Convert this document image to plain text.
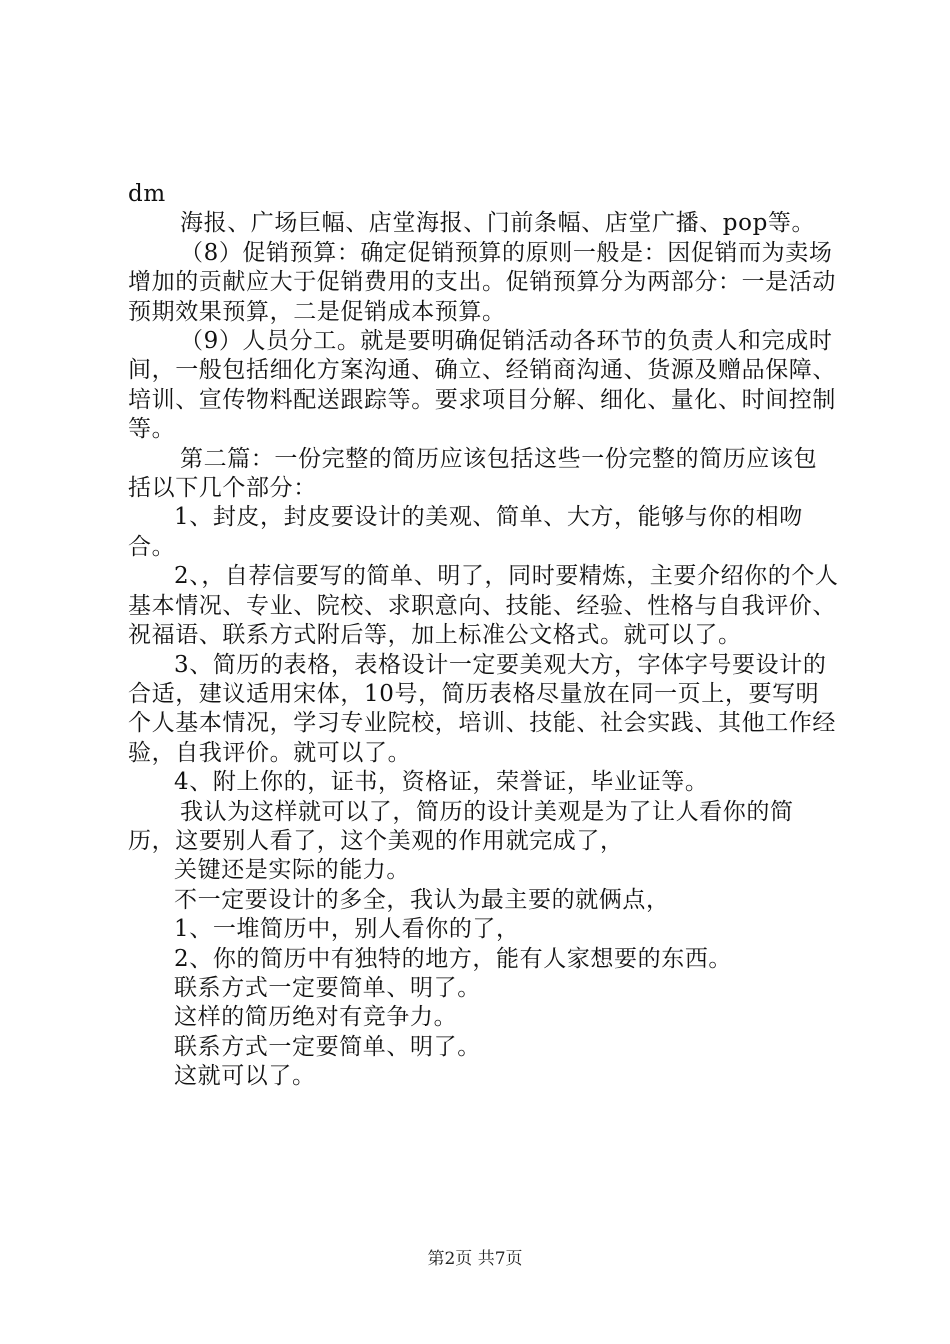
dm

海报、广场巨幅、店堂海报、门前条幅、店堂广播、pop等。

（8）促销预算：确定促销预算的原则一般是：因促销而为卖场增加的贡献应大于促销费用的支出。促销预算分为两部分：一是活动预期效果预算，二是促销成本预算。

（9）人员分工。就是要明确促销活动各环节的负责人和完成时间，一般包括细化方案沟通、确立、经销商沟通、货源及赠品保障、培训、宣传物料配送跟踪等。要求项目分解、细化、量化、时间控制等。

第二篇：一份完整的简历应该包括这些一份完整的简历应该包括以下几个部分：

1、封皮，封皮要设计的美观、简单、大方，能够与你的相吻合。

2、，自荐信要写的简单、明了，同时要精炼，主要介绍你的个人基本情况、专业、院校、求职意向、技能、经验、性格与自我评价、祝福语、联系方式附后等，加上标准公文格式。就可以了。

3、简历的表格，表格设计一定要美观大方，字体字号要设计的合适，建议适用宋体，10号，简历表格尽量放在同一页上，要写明个人基本情况，学习专业院校，培训、技能、社会实践、其他工作经验，自我评价。就可以了。

4、附上你的，证书，资格证，荣誉证，毕业证等。

我认为这样就可以了，简历的设计美观是为了让人看你的简历，这要别人看了，这个美观的作用就完成了，

关键还是实际的能力。

不一定要设计的多全，我认为最主要的就俩点，

1、一堆简历中，别人看你的了，

2、你的简历中有独特的地方，能有人家想要的东西。

联系方式一定要简单、明了。

这样的简历绝对有竞争力。

联系方式一定要简单、明了。

这就可以了。

第2页 共7页
